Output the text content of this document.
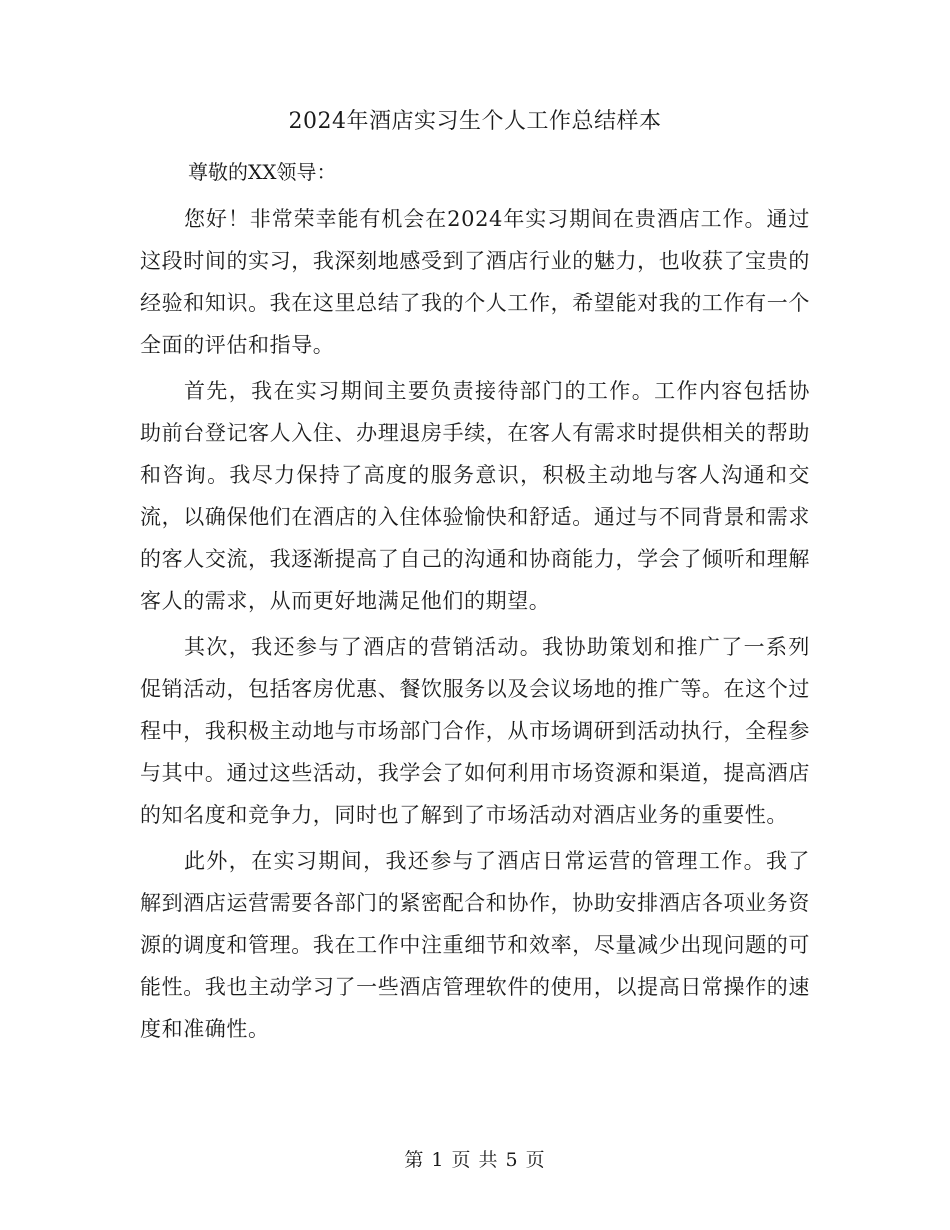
2024年酒店实习生个人工作总结样本

尊敬的XX领导：

您好！非常荣幸能有机会在2024年实习期间在贵酒店工作。通过这段时间的实习，我深刻地感受到了酒店行业的魅力，也收获了宝贵的经验和知识。我在这里总结了我的个人工作，希望能对我的工作有一个全面的评估和指导。

首先，我在实习期间主要负责接待部门的工作。工作内容包括协助前台登记客人入住、办理退房手续，在客人有需求时提供相关的帮助和咨询。我尽力保持了高度的服务意识，积极主动地与客人沟通和交流，以确保他们在酒店的入住体验愉快和舒适。通过与不同背景和需求的客人交流，我逐渐提高了自己的沟通和协商能力，学会了倾听和理解客人的需求，从而更好地满足他们的期望。

其次，我还参与了酒店的营销活动。我协助策划和推广了一系列促销活动，包括客房优惠、餐饮服务以及会议场地的推广等。在这个过程中，我积极主动地与市场部门合作，从市场调研到活动执行，全程参与其中。通过这些活动，我学会了如何利用市场资源和渠道，提高酒店的知名度和竞争力，同时也了解到了市场活动对酒店业务的重要性。

此外，在实习期间，我还参与了酒店日常运营的管理工作。我了解到酒店运营需要各部门的紧密配合和协作，协助安排酒店各项业务资源的调度和管理。我在工作中注重细节和效率，尽量减少出现问题的可能性。我也主动学习了一些酒店管理软件的使用，以提高日常操作的速度和准确性。

第 1 页 共 5 页
